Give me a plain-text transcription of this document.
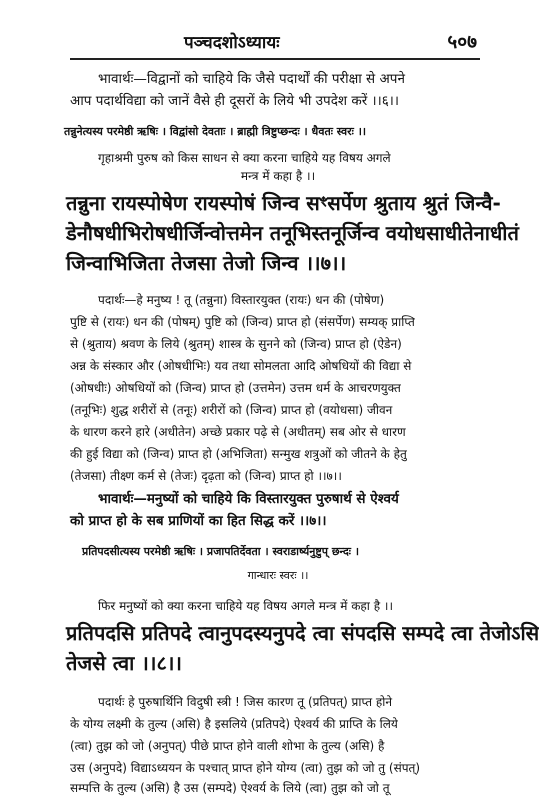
पञ्चदशोऽध्यायः	५०७
भावार्थः—विद्वानों को चाहिये कि जैसे पदार्थों की परीक्षा से अपने
आप पदार्थविद्या को जानें वैसे ही दूसरों के लिये भी उपदेश करें ।।६।।
तन्नुनेत्यस्य परमेष्ठी ऋषिः । विद्वांसो देवताः । ब्राह्मी त्रिष्टुप्छन्दः । धैवतः स्वरः ।।
गृहाश्रमी पुरुष को किस साधन से क्या करना चाहिये यह विषय अगले
मन्त्र में कहा है ।।
तन्नुना रायस्पोषेण रायस्पोषं जिन्व सꣳसर्पेण श्रुताय श्रुतं जिन्वै-
डेनौषधीभिरोषधीर्जिन्वोत्तमेन तनूभिस्तनूर्जिन्व वयोधसाधीतेनाधीतं
जिन्वाभिजिता तेजसा तेजो जिन्व ।।७।।
पदार्थः—हे मनुष्य ! तू (तन्नुना) विस्तारयुक्त (रायः) धन की (पोषेण)
पुष्टि से (रायः) धन की (पोषम्) पुष्टि को (जिन्व) प्राप्त हो (संसर्पेण) सम्यक् प्राप्ति
से (श्रुताय) श्रवण के लिये (श्रुतम्) शास्त्र के सुनने को (जिन्व) प्राप्त हो (ऐडेन)
अन्न के संस्कार और (ओषधीभिः) यव तथा सोमलता आदि ओषधियों की विद्या से
(ओषधीः) ओषधियों को (जिन्व) प्राप्त हो (उत्तमेन) उत्तम धर्म के आचरणयुक्त
(तनूभिः) शुद्ध शरीरों से (तनूः) शरीरों को (जिन्व) प्राप्त हो (वयोधसा) जीवन
के धारण करने हारे (अधीतेन) अच्छे प्रकार पढ़े से (अधीतम्) सब ओर से धारण
की हुई विद्या को (जिन्व) प्राप्त हो (अभिजिता) सन्मुख शत्रुओं को जीतने के हेतु
(तेजसा) तीक्ष्ण कर्म से (तेजः) दृढ़ता को (जिन्व) प्राप्त हो ।।७।।
भावार्थः—मनुष्यों को चाहिये कि विस्तारयुक्त पुरुषार्थ से ऐश्वर्य
को प्राप्त हो के सब प्राणियों का हित सिद्ध करें ।।७।।
प्रतिपदसीत्यस्य परमेष्ठी ऋषिः । प्रजापतिर्देवता । स्वराडार्ष्यनुष्टुप् छन्दः ।
गान्धारः स्वरः ।।
फिर मनुष्यों को क्या करना चाहिये यह विषय अगले मन्त्र में कहा है ।।
प्रतिपदसि प्रतिपदे त्वानुपदस्यनुपदे त्वा संपदसि सम्पदे त्वा तेजोऽसि
तेजसे त्वा ।।८।।
पदार्थः हे पुरुषार्थिनि विदुषी स्त्री ! जिस कारण तू (प्रतिपत्) प्राप्त होने
के योग्य लक्ष्मी के तुल्य (असि) है इसलिये (प्रतिपदे) ऐश्वर्य की प्राप्ति के लिये
(त्वा) तुझ को जो (अनुपत्) पीछे प्राप्त होने वाली शोभा के तुल्य (असि) है
उस (अनुपदे) विद्याऽध्ययन के पश्चात् प्राप्त होने योग्य (त्वा) तुझ को जो तु (संपत्)
सम्पत्ति के तुल्य (असि) है उस (सम्पदे) ऐश्वर्य के लिये (त्वा) तुझ को जो तू
